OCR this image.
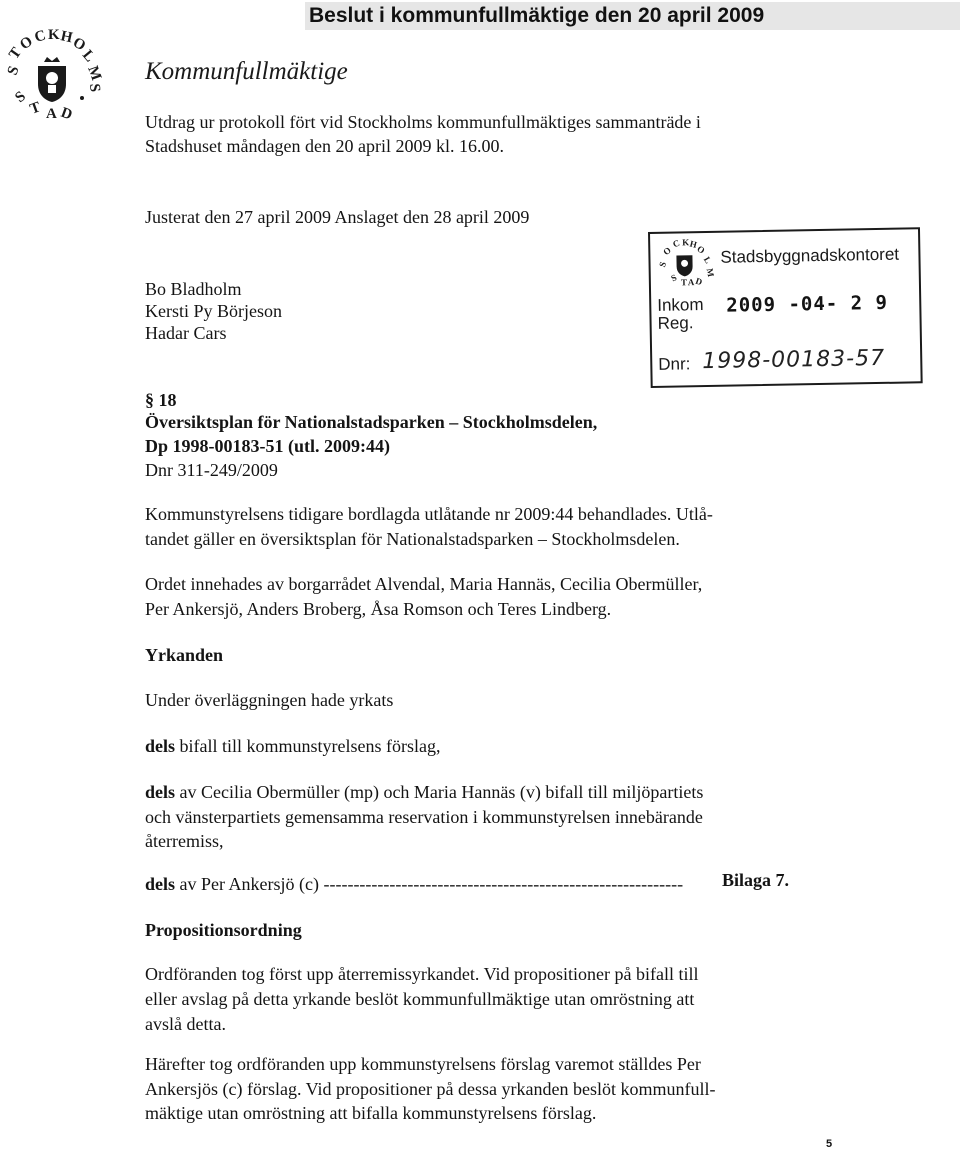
Beslut i kommunfullmäktige den 20 april 2009
S
T
O
C K H
O
L
M
S
S
T A D
Kommunfullmäktige
Utdrag ur protokoll fört vid Stockholms kommunfullmäktiges sammanträde i
Stadshuset måndagen den 20 april 2009 kl. 16.00.
Justerat den 27 april 2009 Anslaget den 28 april 2009
Bo Bladholm
Kersti Py Börjeson
Hadar Cars
S
O
C K H
O
L
M
S T A D
Stadsbyggnadskontoret
Inkom
Reg.
2009 -04- 2 9
Dnr: 1998-00183-57
§ 18
Översiktsplan för Nationalstadsparken – Stockholmsdelen,
Dp 1998-00183-51 (utl. 2009:44)
Dnr 311-249/2009
Kommunstyrelsens tidigare bordlagda utlåtande nr 2009:44 behandlades. Utlå-
tandet gäller en översiktsplan för Nationalstadsparken – Stockholmsdelen.
Ordet innehades av borgarrådet Alvendal, Maria Hannäs, Cecilia Obermüller,
Per Ankersjö, Anders Broberg, Åsa Romson och Teres Lindberg.
Yrkanden
Under överläggningen hade yrkats
dels bifall till kommunstyrelsens förslag,
dels av Cecilia Obermüller (mp) och Maria Hannäs (v) bifall till miljöpartiets
och vänsterpartiets gemensamma reservation i kommunstyrelsen innebärande
återremiss,
dels av Per Ankersjö (c) ------------------------------------------------------------ Bilaga 7.
Propositionsordning
Ordföranden tog först upp återremissyrkandet. Vid propositioner på bifall till
eller avslag på detta yrkande beslöt kommunfullmäktige utan omröstning att
avslå detta.
Härefter tog ordföranden upp kommunstyrelsens förslag varemot ställdes Per
Ankersjös (c) förslag. Vid propositioner på dessa yrkanden beslöt kommunfull-
mäktige utan omröstning att bifalla kommunstyrelsens förslag.
5
